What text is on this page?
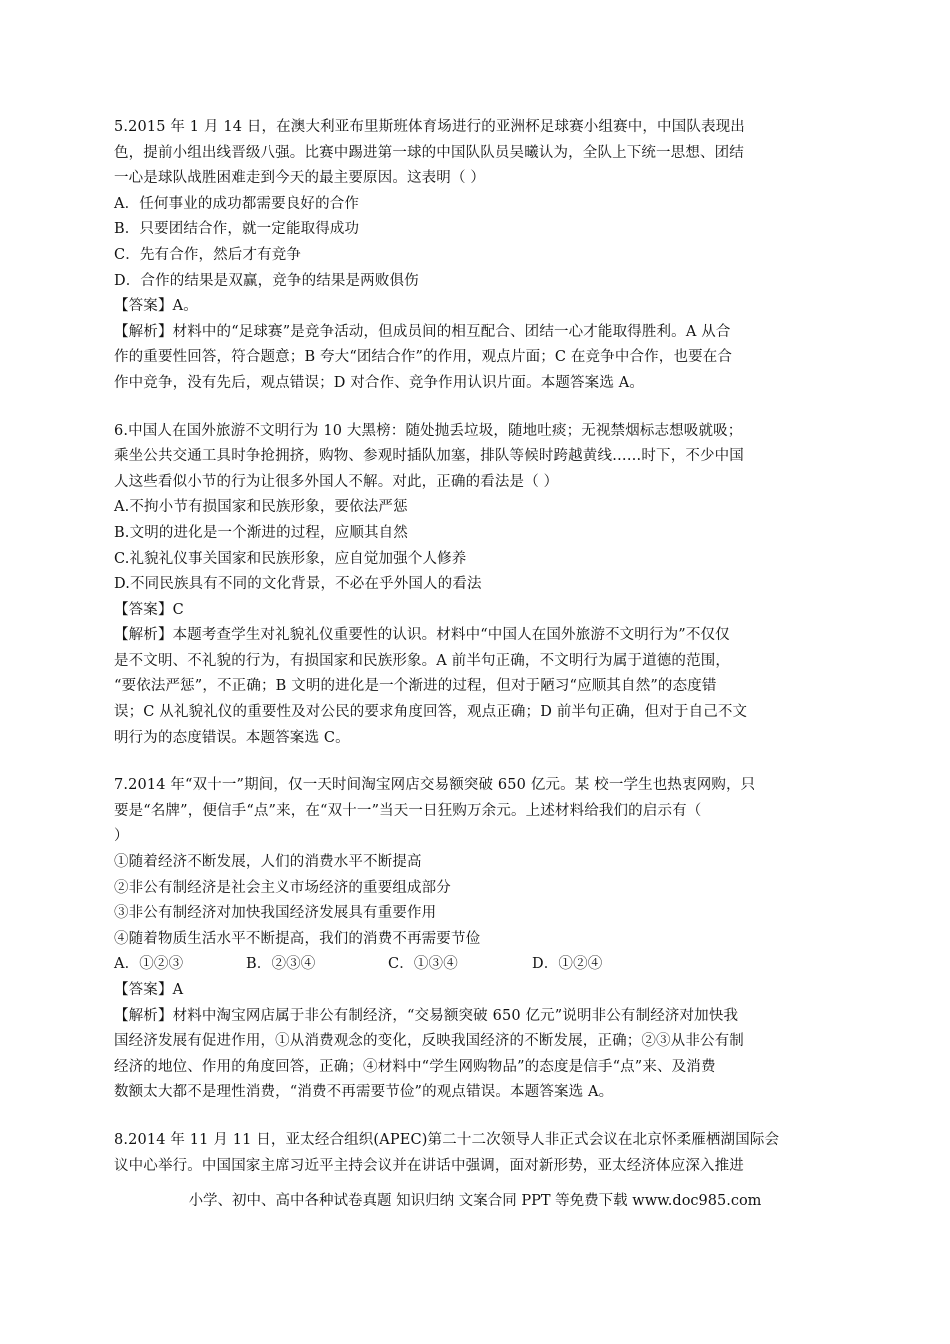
5.2015 年 1 月 14 日，在澳大利亚布里斯班体育场进行的亚洲杯足球赛小组赛中，中国队表现出
色，提前小组出线晋级八强。比赛中踢进第一球的中国队队员吴曦认为，全队上下统一思想、团结
一心是球队战胜困难走到今天的最主要原因。这表明（ ）
A．任何事业的成功都需要良好的合作
B．只要团结合作，就一定能取得成功
C．先有合作，然后才有竞争
D．合作的结果是双赢，竞争的结果是两败俱伤
【答案】A。
【解析】材料中的“足球赛”是竞争活动，但成员间的相互配合、团结一心才能取得胜利。A 从合
作的重要性回答，符合题意；B 夸大“团结合作”的作用，观点片面；C 在竞争中合作，也要在合
作中竞争，没有先后，观点错误；D 对合作、竞争作用认识片面。本题答案选 A。
6.中国人在国外旅游不文明行为 10 大黑榜：随处抛丢垃圾，随地吐痰；无视禁烟标志想吸就吸；
乘坐公共交通工具时争抢拥挤，购物、参观时插队加塞，排队等候时跨越黄线……时下，不少中国
人这些看似小节的行为让很多外国人不解。对此，正确的看法是（ ）
A.不拘小节有损国家和民族形象，要依法严惩
B.文明的进化是一个渐进的过程，应顺其自然
C.礼貌礼仪事关国家和民族形象，应自觉加强个人修养
D.不同民族具有不同的文化背景，不必在乎外国人的看法
【答案】C
【解析】本题考查学生对礼貌礼仪重要性的认识。材料中“中国人在国外旅游不文明行为”不仅仅
是不文明、不礼貌的行为，有损国家和民族形象。A 前半句正确，不文明行为属于道德的范围，
“要依法严惩”，不正确；B 文明的进化是一个渐进的过程，但对于陋习“应顺其自然”的态度错
误；C 从礼貌礼仪的重要性及对公民的要求角度回答，观点正确；D 前半句正确，但对于自己不文
明行为的态度错误。本题答案选 C。
7.2014 年“双十一”期间，仅一天时间淘宝网店交易额突破 650 亿元。某 校一学生也热衷网购，只
要是“名牌”，便信手“点”来，在“双十一”当天一日狂购万余元。上述材料给我们的启示有（
）
①随着经济不断发展，人们的消费水平不断提高
②非公有制经济是社会主义市场经济的重要组成部分
③非公有制经济对加快我国经济发展具有重要作用
④随着物质生活水平不断提高，我们的消费不再需要节俭
A．①②③	B．②③④	C．①③④	D．①②④
【答案】A
【解析】材料中淘宝网店属于非公有制经济，“交易额突破 650 亿元”说明非公有制经济对加快我
国经济发展有促进作用，①从消费观念的变化，反映我国经济的不断发展，正确；②③从非公有制
经济的地位、作用的角度回答，正确；④材料中“学生网购物品”的态度是信手“点”来、及消费
数额太大都不是理性消费，“消费不再需要节俭”的观点错误。本题答案选 A。
8.2014 年 11 月 11 日，亚太经合组织(APEC)第二十二次领导人非正式会议在北京怀柔雁栖湖国际会
议中心举行。中国国家主席习近平主持会议并在讲话中强调，面对新形势，亚太经济体应深入推进
小学、初中、高中各种试卷真题 知识归纳 文案合同 PPT 等免费下载 www.doc985.com
